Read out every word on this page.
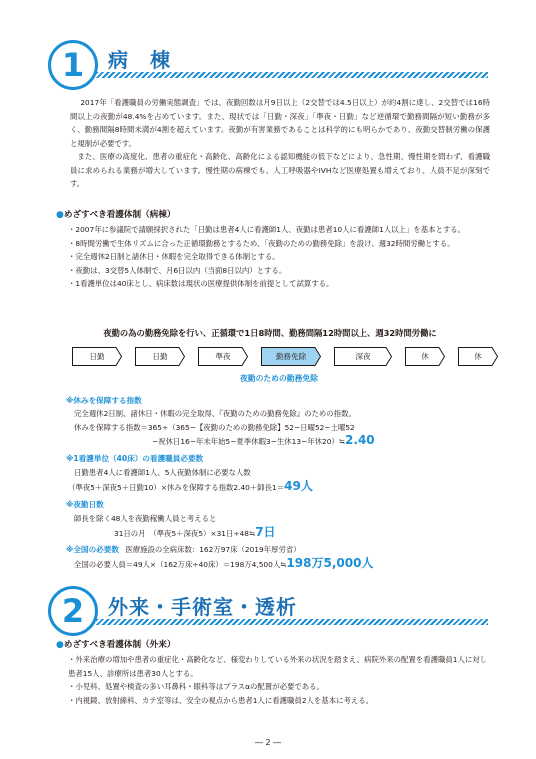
1	病　棟
2017年「看護職員の労働実態調査」では、夜勤回数は月9日以上（2交替では4.5日以上）が約4割に達し、2交替では16時間以上の夜勤が48.4%を占めています。また、現状では「日勤・深夜」「準夜・日勤」など逆循環で勤務間隔が短い勤務が多く、勤務間隔8時間未満が4割を超えています。夜勤が有害業務であることは科学的にも明らかであり、夜勤交替制労働の保護と規制が必要です。
また、医療の高度化、患者の重症化・高齢化、高齢化による認知機能の低下などにより、急性期、慢性期を問わず、看護職員に求められる業務が増大しています。慢性期の病棟でも、人工呼吸器やIVHなど医療処置も増えており、人員不足が深刻です。
●めざすべき看護体制（病棟）
・2007年に参議院で請願採択された「日勤は患者4人に看護師1人、夜勤は患者10人に看護師1人以上」を基本とする。
・8時間労働で生体リズムに合った正循環勤務とするため、「夜勤のための勤務免除」を設け、週32時間労働とする。
・完全週休2日制と諸休日・休暇を完全取得できる体制とする。
・夜勤は、3交替5人体制で、月6日以内（当面8日以内）とする。
・1看護単位は40床とし、病床数は現状の医療提供体制を前提として試算する。
夜勤の為の勤務免除を行い、正循環で1日8時間、勤務間隔12時間以上、週32時間労働に
日勤	日勤	準夜	勤務免除	深夜	休	休
夜勤のための勤務免除
※休みを保障する指数
完全週休2日制、諸休日・休暇の完全取得、『夜勤のための勤務免除』のための指数。
休みを保障する指数＝365÷（365−【夜勤のための勤務免除】52−日曜52−土曜52
−祝休日16−年末年始5−夏季休暇3−生休13−年休20）≒2.40
※1看護単位（40床）の看護職員必要数
日勤患者4人に看護師1人、5人夜勤体制に必要な人数
（準夜5＋深夜5＋日勤10）×休みを保障する指数2.40＋師長1＝49人
※夜勤日数
師長を除く48人を夜勤稼働人員と考えると
31日の月　（準夜5＋深夜5）×31日÷48≒7日
※全国の必要数 医療施設の全病床数：162万97床（2019年厚労省）
全国の必要人員＝49人×（162万床÷40床）＝198万4,500人≒198万5,000人
2	外来・手術室・透析
●めざすべき看護体制（外来）
・外来治療の増加や患者の重症化・高齢化など、様変わりしている外来の状況を踏まえ、病院外来の配置を看護職員1人に対し患者15人、診療所は患者30人とする。
・小児科、処置や検査の多い耳鼻科・眼科等はプラスαの配置が必要である。
・内視鏡、放射線科、カテ室等は、安全の視点から患者1人に看護職員2人を基本に考える。
― 2 ―
